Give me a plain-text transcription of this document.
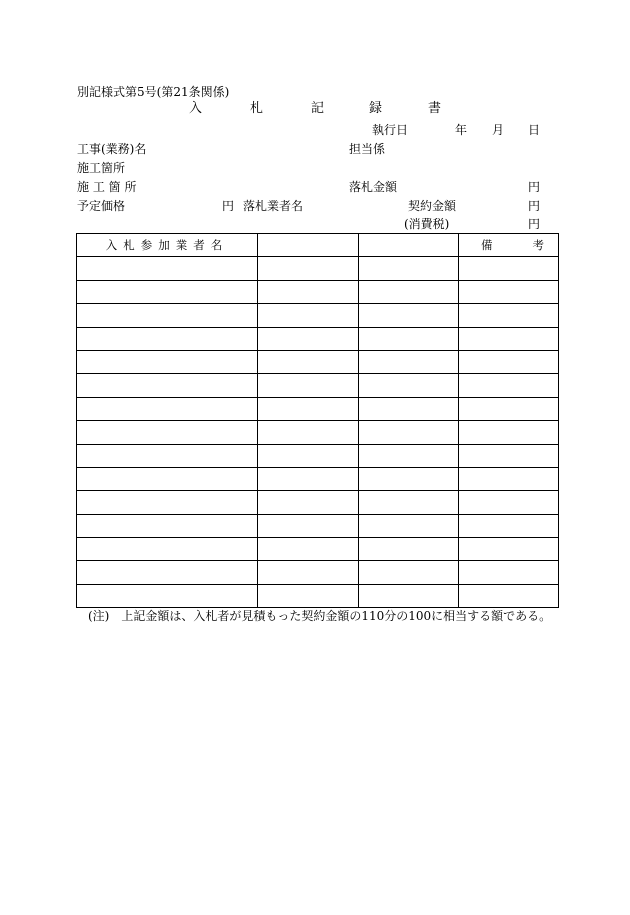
別記様式第5号(第21条関係)
入	札	記	録	書
執行日	年 月 日
工事(業務)名	担当係
施工箇所
施 工 箇 所	落札金額	円
予定価格	円 落札業者名	契約金額	円
(消費税)	円
入札参加業者名			備 考

(注)　上記金額は、入札者が見積もった契約金額の110分の100に相当する額である。
